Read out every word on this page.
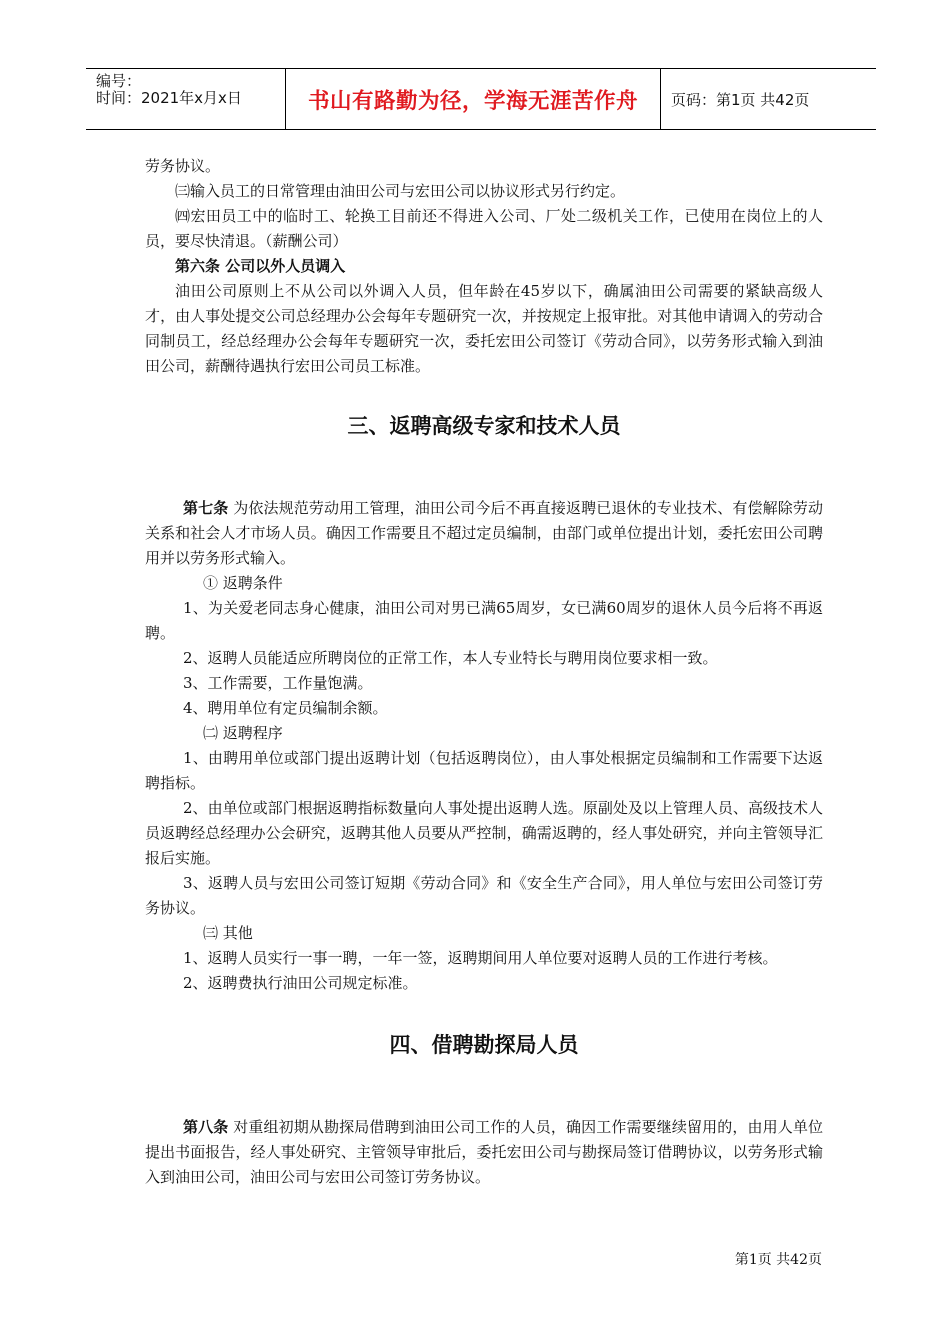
编号：
时间：2021年x月x日	书山有路勤为径，学海无涯苦作舟	页码：第1页 共42页

劳务协议。

㈢输入员工的日常管理由油田公司与宏田公司以协议形式另行约定。

㈣宏田员工中的临时工、轮换工目前还不得进入公司、厂处二级机关工作，已使用在岗位上的人员，要尽快清退。（薪酬公司）

第六条 公司以外人员调入

油田公司原则上不从公司以外调入人员，但年龄在45岁以下，确属油田公司需要的紧缺高级人才，由人事处提交公司总经理办公会每年专题研究一次，并按规定上报审批。对其他申请调入的劳动合同制员工，经总经理办公会每年专题研究一次，委托宏田公司签订《劳动合同》，以劳务形式输入到油田公司，薪酬待遇执行宏田公司员工标准。

三、返聘高级专家和技术人员

第七条 为依法规范劳动用工管理，油田公司今后不再直接返聘已退休的专业技术、有偿解除劳动关系和社会人才市场人员。确因工作需要且不超过定员编制，由部门或单位提出计划，委托宏田公司聘用并以劳务形式输入。

① 返聘条件

1、为关爱老同志身心健康，油田公司对男已满65周岁，女已满60周岁的退休人员今后将不再返聘。

2、返聘人员能适应所聘岗位的正常工作，本人专业特长与聘用岗位要求相一致。

3、工作需要，工作量饱满。

4、聘用单位有定员编制余额。

㈡ 返聘程序

1、由聘用单位或部门提出返聘计划（包括返聘岗位），由人事处根据定员编制和工作需要下达返聘指标。

2、由单位或部门根据返聘指标数量向人事处提出返聘人选。原副处及以上管理人员、高级技术人员返聘经总经理办公会研究，返聘其他人员要从严控制，确需返聘的，经人事处研究，并向主管领导汇报后实施。

3、返聘人员与宏田公司签订短期《劳动合同》和《安全生产合同》，用人单位与宏田公司签订劳务协议。

㈢ 其他

1、返聘人员实行一事一聘，一年一签，返聘期间用人单位要对返聘人员的工作进行考核。

2、返聘费执行油田公司规定标准。

四、借聘勘探局人员

第八条 对重组初期从勘探局借聘到油田公司工作的人员，确因工作需要继续留用的，由用人单位提出书面报告，经人事处研究、主管领导审批后，委托宏田公司与勘探局签订借聘协议，以劳务形式输入到油田公司，油田公司与宏田公司签订劳务协议。

第1页 共42页
